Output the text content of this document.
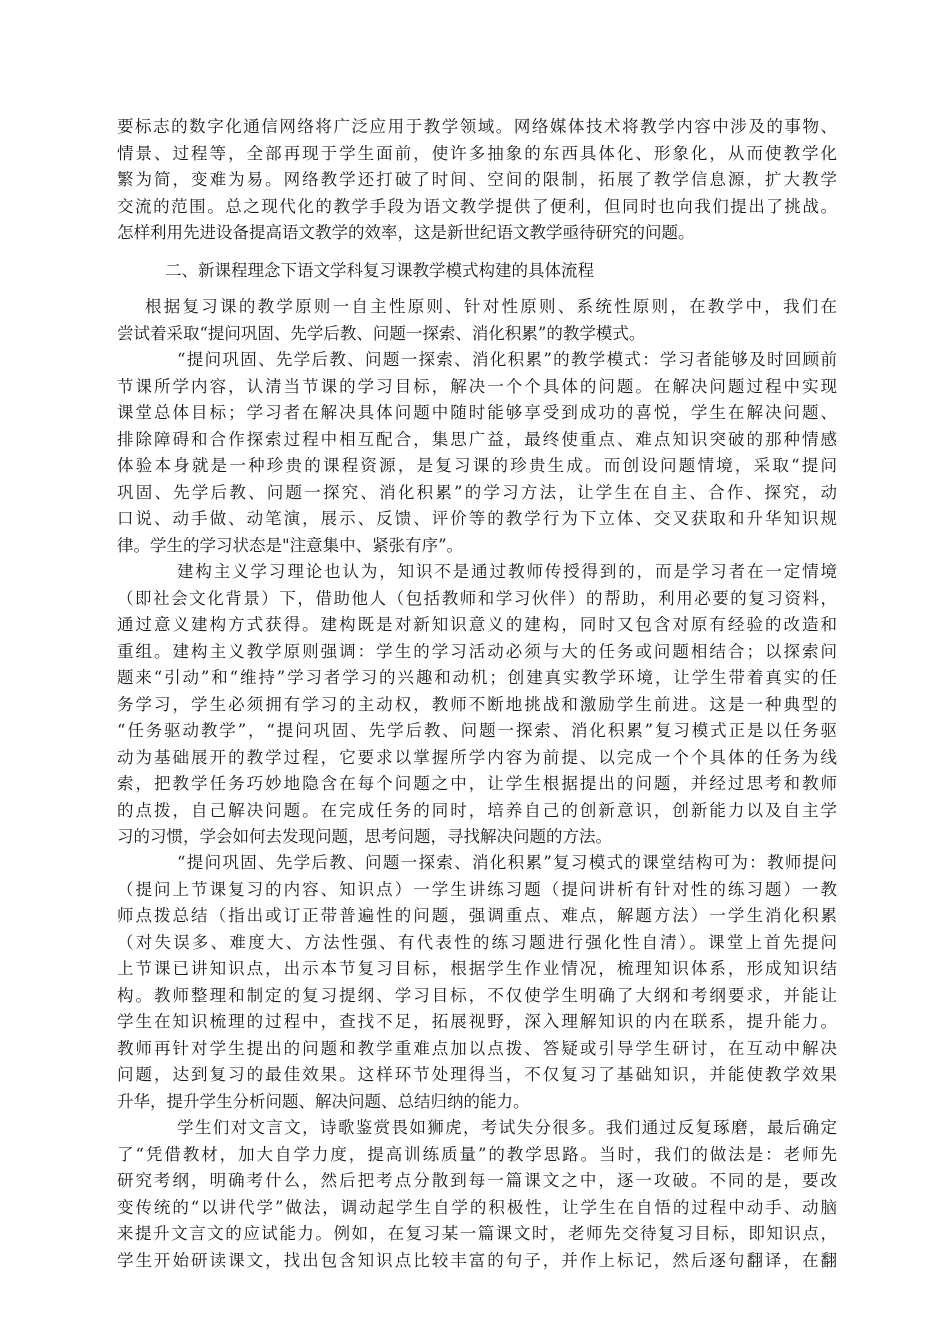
要标志的数字化通信网络将广泛应用于教学领域。网络媒体技术将教学内容中涉及的事物、
情景、过程等，全部再现于学生面前，使许多抽象的东西具体化、形象化，从而使教学化
繁为简，变难为易。网络教学还打破了时间、空间的限制，拓展了教学信息源，扩大教学
交流的范围。总之现代化的教学手段为语文教学提供了便利，但同时也向我们提出了挑战。
怎样利用先进设备提高语文教学的效率，这是新世纪语文教学亟待研究的问题。
二、新课程理念下语文学科复习课教学模式构建的具体流程
根据复习课的教学原则一自主性原则、针对性原则、系统性原则，在教学中，我们在
尝试着采取“提问巩固、先学后教、问题一探索、消化积累”的教学模式。
“提问巩固、先学后教、问题一探索、消化积累”的教学模式：学习者能够及时回顾前
节课所学内容，认清当节课的学习目标，解决一个个具体的问题。在解决问题过程中实现
课堂总体目标；学习者在解决具体问题中随时能够享受到成功的喜悦，学生在解决问题、
排除障碍和合作探索过程中相互配合，集思广益，最终使重点、难点知识突破的那种情感
体验本身就是一种珍贵的课程资源，是复习课的珍贵生成。而创设问题情境，采取“提问
巩固、先学后教、问题一探究、消化积累”的学习方法，让学生在自主、合作、探究，动
口说、动手做、动笔演，展示、反馈、评价等的教学行为下立体、交叉获取和升华知识规
律。学生的学习状态是"注意集中、紧张有序”。
建构主义学习理论也认为，知识不是通过教师传授得到的，而是学习者在一定情境
（即社会文化背景）下，借助他人（包括教师和学习伙伴）的帮助，利用必要的复习资料，
通过意义建构方式获得。建构既是对新知识意义的建构，同时又包含对原有经验的改造和
重组。建构主义教学原则强调：学生的学习活动必须与大的任务或问题相结合；以探索问
题来“引动”和“维持”学习者学习的兴趣和动机；创建真实教学环境，让学生带着真实的任
务学习，学生必须拥有学习的主动权，教师不断地挑战和激励学生前进。这是一种典型的
“任务驱动教学”，“提问巩固、先学后教、问题一探索、消化积累”复习模式正是以任务驱
动为基础展开的教学过程，它要求以掌握所学内容为前提、以完成一个个具体的任务为线
索，把教学任务巧妙地隐含在每个问题之中，让学生根据提出的问题，并经过思考和教师
的点拨，自己解决问题。在完成任务的同时，培养自己的创新意识，创新能力以及自主学
习的习惯，学会如何去发现问题，思考问题，寻找解决问题的方法。
“提问巩固、先学后教、问题一探索、消化积累”复习模式的课堂结构可为：教师提问
（提问上节课复习的内容、知识点）一学生讲练习题（提问讲析有针对性的练习题）一教
师点拨总结（指出或订正带普遍性的问题，强调重点、难点，解题方法）一学生消化积累
（对失误多、难度大、方法性强、有代表性的练习题进行强化性自清）。课堂上首先提问
上节课已讲知识点，出示本节复习目标，根据学生作业情况，梳理知识体系，形成知识结
构。教师整理和制定的复习提纲、学习目标，不仅使学生明确了大纲和考纲要求，并能让
学生在知识梳理的过程中，查找不足，拓展视野，深入理解知识的内在联系，提升能力。
教师再针对学生提出的问题和教学重难点加以点拨、答疑或引导学生研讨，在互动中解决
问题，达到复习的最佳效果。这样环节处理得当，不仅复习了基础知识，并能使教学效果
升华，提升学生分析问题、解决问题、总结归纳的能力。
学生们对文言文，诗歌鉴赏畏如狮虎，考试失分很多。我们通过反复琢磨，最后确定
了“凭借教材，加大自学力度，提高训练质量”的教学思路。当时，我们的做法是：老师先
研究考纲，明确考什么，然后把考点分散到每一篇课文之中，逐一攻破。不同的是，要改
变传统的“以讲代学”做法，调动起学生自学的积极性，让学生在自悟的过程中动手、动脑
来提升文言文的应试能力。例如，在复习某一篇课文时，老师先交待复习目标，即知识点，
学生开始研读课文，找出包含知识点比较丰富的句子，并作上标记，然后逐句翻译，在翻
